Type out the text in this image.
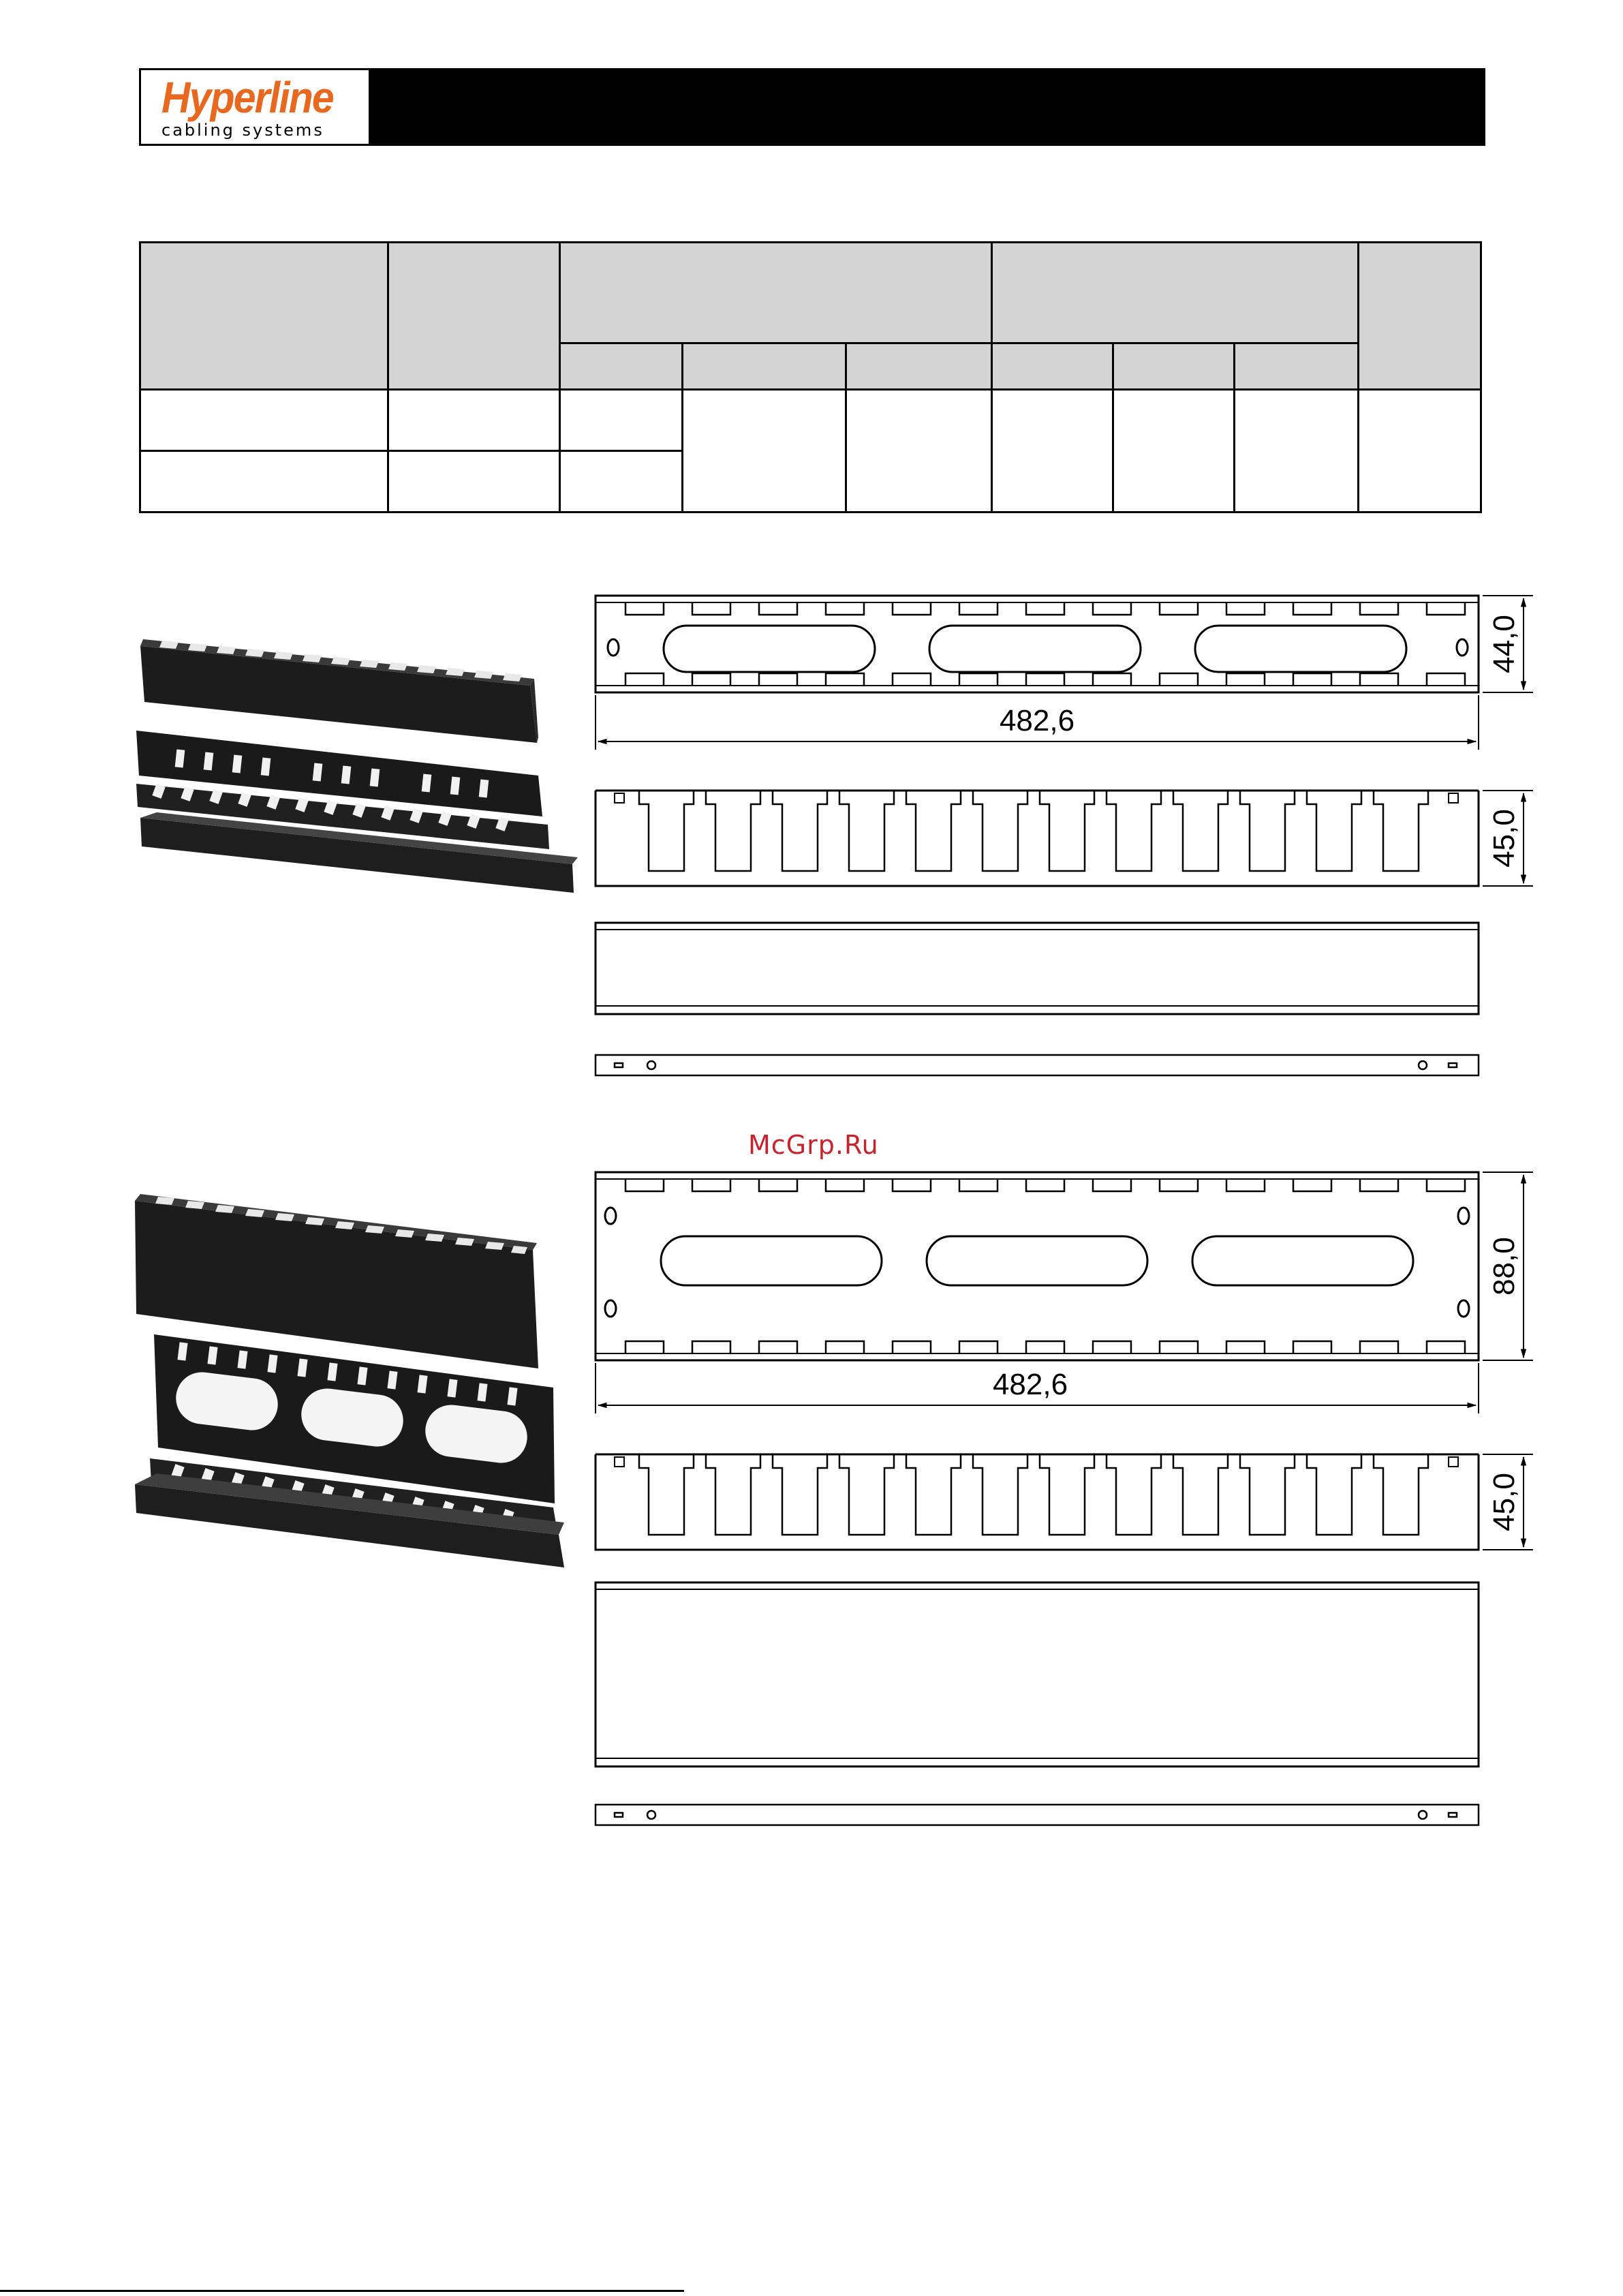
Hyperline
cabling systems

44,0
482,6
45,0
88,0
482,6
45,0
McGrp.Ru
